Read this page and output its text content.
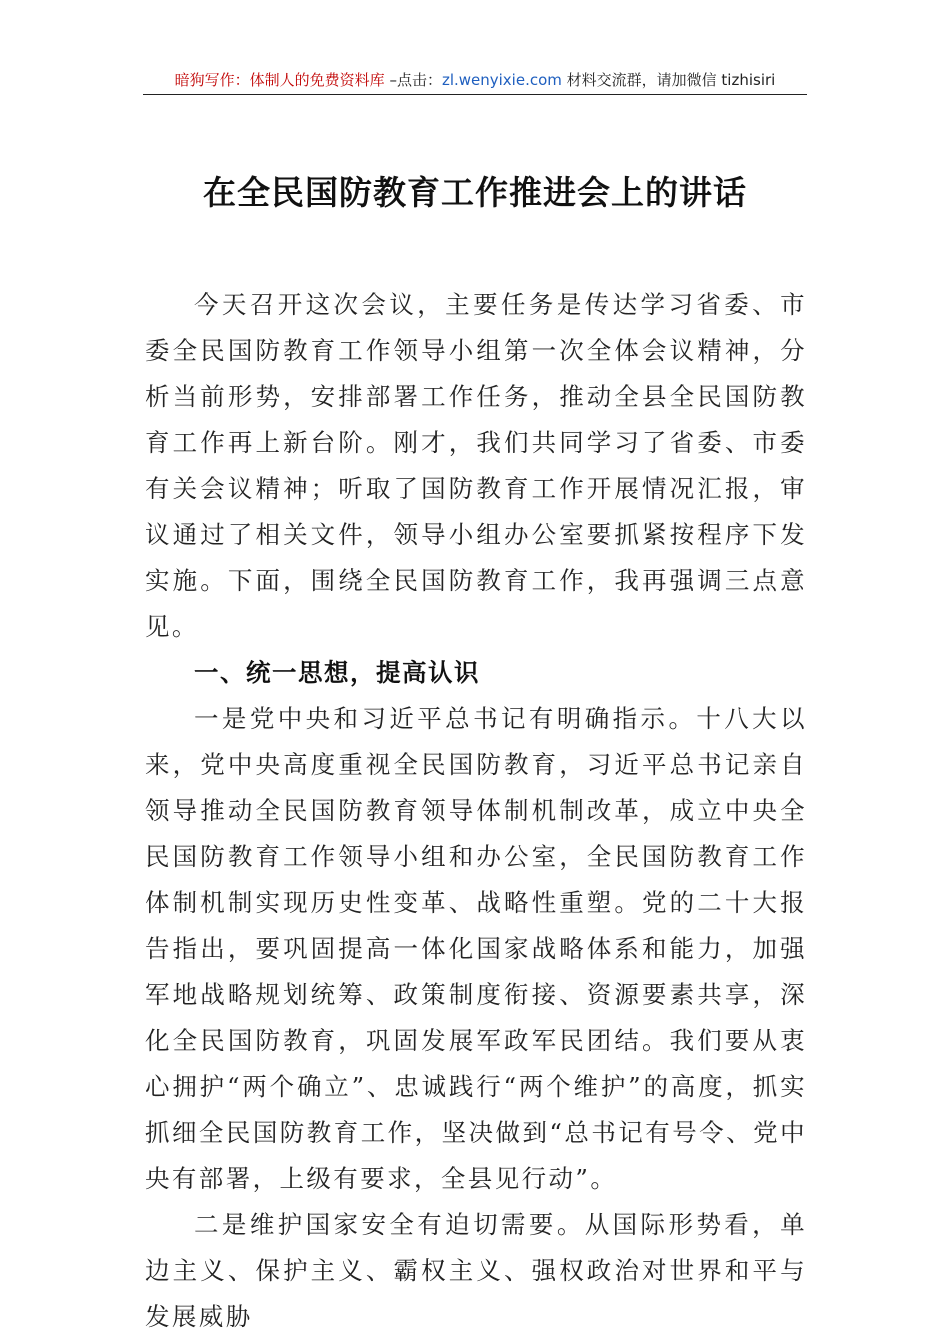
暗狗写作：体制人的免费资料库 –点击：zl.wenyixie.com 材料交流群，请加微信 tizhisiri
在全民国防教育工作推进会上的讲话

今天召开这次会议，主要任务是传达学习省委、市委全民国防教育工作领导小组第一次全体会议精神，分析当前形势，安排部署工作任务，推动全县全民国防教育工作再上新台阶。刚才，我们共同学习了省委、市委有关会议精神；听取了国防教育工作开展情况汇报，审议通过了相关文件，领导小组办公室要抓紧按程序下发实施。下面，围绕全民国防教育工作，我再强调三点意见。

一、统一思想，提高认识

一是党中央和习近平总书记有明确指示。十八大以来，党中央高度重视全民国防教育，习近平总书记亲自领导推动全民国防教育领导体制机制改革，成立中央全民国防教育工作领导小组和办公室，全民国防教育工作体制机制实现历史性变革、战略性重塑。党的二十大报告指出，要巩固提高一体化国家战略体系和能力，加强军地战略规划统筹、政策制度衔接、资源要素共享，深化全民国防教育，巩固发展军政军民团结。我们要从衷心拥护“两个确立”、忠诚践行“两个维护”的高度，抓实抓细全民国防教育工作，坚决做到“总书记有号令、党中央有部署，上级有要求，全县见行动”。

二是维护国家安全有迫切需要。从国际形势看，单边主义、保护主义、霸权主义、强权政治对世界和平与发展威胁
